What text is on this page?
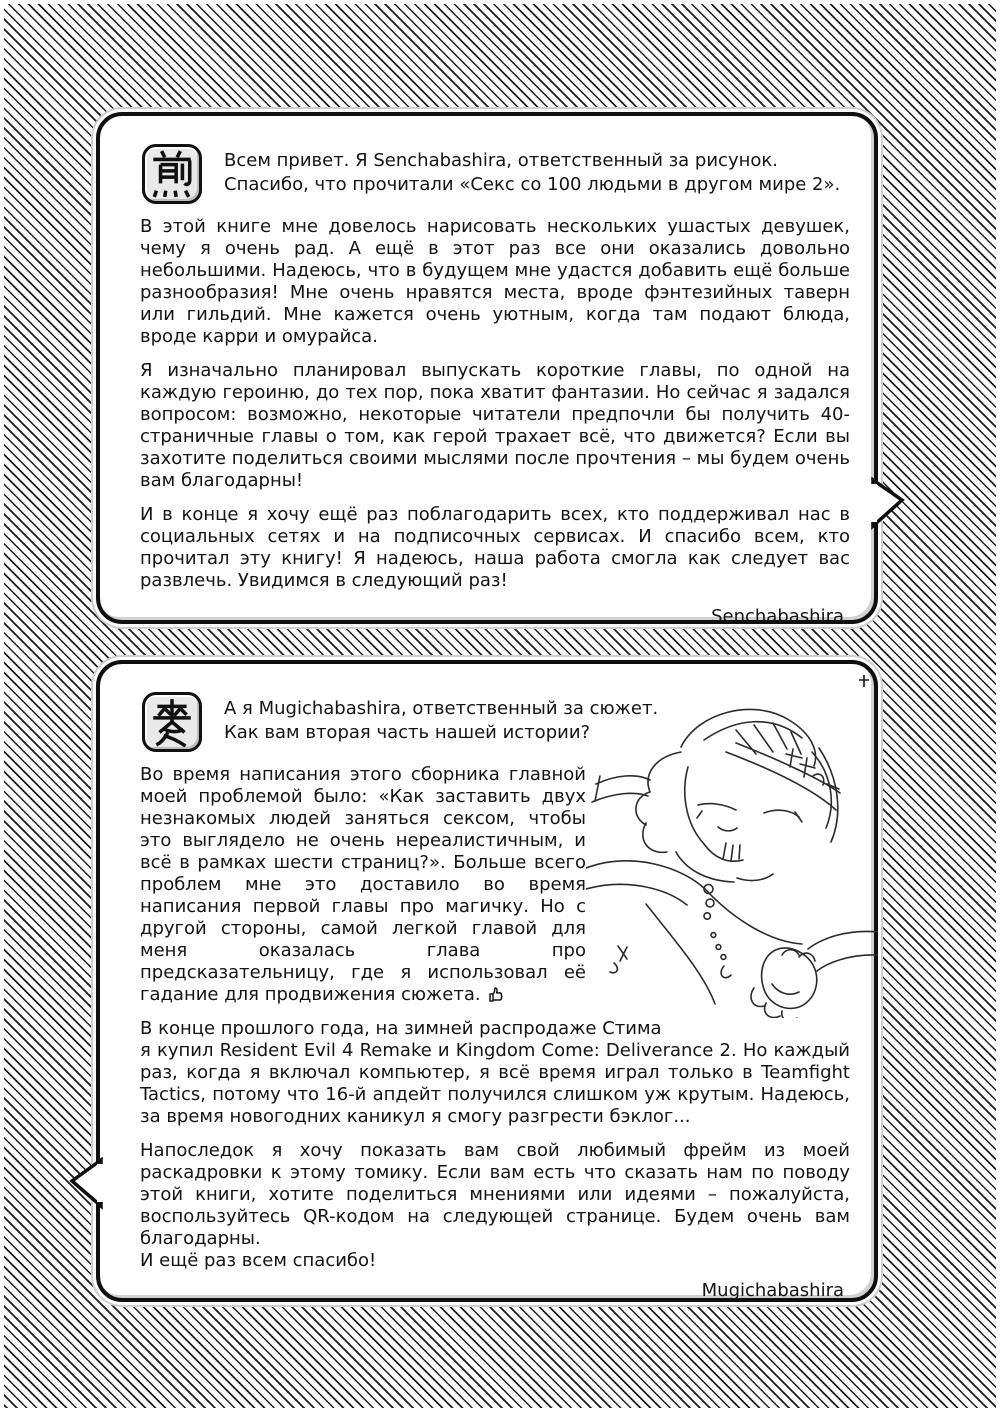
Всем привет. Я Senchabashira, ответственный за рисунок.
Спасибо, что прочитали «Секс со 100 людьми в другом мире 2».
В этой книге мне довелось нарисовать нескольких ушастых девушек, чему я очень рад. А ещё в этот раз все они оказались довольно небольшими. Надеюсь, что в будущем мне удастся добавить ещё больше разнообразия! Мне очень нравятся места, вроде фэнтезийных таверн или гильдий. Мне кажется очень уютным, когда там подают блюда, вроде карри и омурайса.
Я изначально планировал выпускать короткие главы, по одной на каждую героиню, до тех пор, пока хватит фантазии. Но сейчас я задался вопросом: возможно, некоторые читатели предпочли бы получить 40-страничные главы о том, как герой трахает всё, что движется? Если вы захотите поделиться своими мыслями после прочтения – мы будем очень вам благодарны!
И в конце я хочу ещё раз поблагодарить всех, кто поддерживал нас в социальных сетях и на подписочных сервисах. И спасибо всем, кто прочитал эту книгу! Я надеюсь, наша работа смогла как следует вас развлечь. Увидимся в следующий раз!
Senchabashira
А я Mugichabashira, ответственный за сюжет.
Как вам вторая часть нашей истории?
Во время написания этого сборника главной моей проблемой было: «Как заставить двух незнакомых людей заняться сексом, чтобы это выглядело не очень нереалистичным, и всё в рамках шести страниц?». Больше всего проблем мне это доставило во время написания первой главы про магичку. Но с другой стороны, самой легкой главой для меня оказалась глава про предсказательницу, где я использовал её гадание для продвижения сюжета.
В конце прошлого года, на зимней распродаже Стима
я купил Resident Evil 4 Remake и Kingdom Come: Deliverance 2. Но каждый раз, когда я включал компьютер, я всё время играл только в Teamfight Tactics, потому что 16-й апдейт получился слишком уж крутым. Надеюсь, за время новогодних каникул я смогу разгрести бэклог...
Напоследок я хочу показать вам свой любимый фрейм из моей раскадровки к этому томику. Если вам есть что сказать нам по поводу этой книги, хотите поделиться мнениями или идеями – пожалуйста, воспользуйтесь QR-кодом на следующей странице. Будем очень вам благодарны.
И ещё раз всем спасибо!
Mugichabashira
